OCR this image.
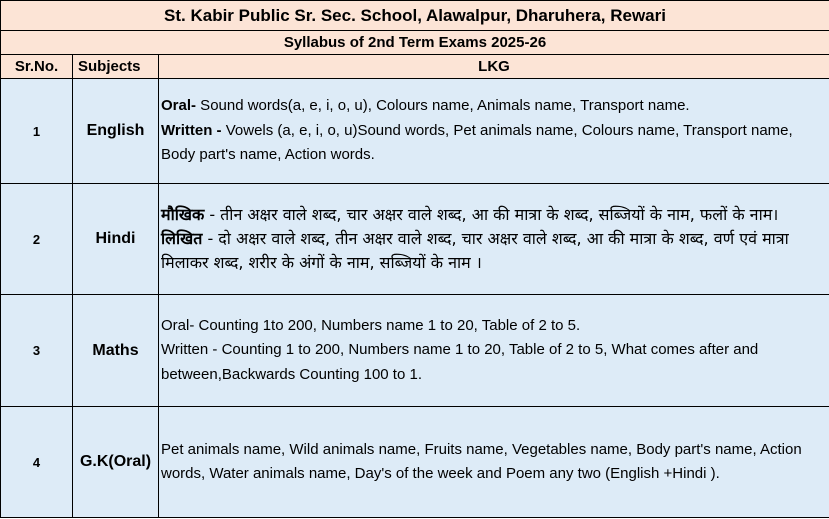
St. Kabir Public Sr. Sec. School, Alawalpur, Dharuhera, Rewari		
Syllabus of 2nd Term Exams 2025-26		
Sr.No.	Subjects	LKG
1	English	Oral- Sound words(a, e, i, o, u), Colours name, Animals name, Transport name.
Written - Vowels (a, e, i, o, u)Sound words, Pet animals name, Colours name, Transport name, Body part's name, Action words.

2	Hindi	मौखिक - तीन अक्षर वाले शब्द, चार अक्षर वाले शब्द, आ की मात्रा के शब्द, सब्जियों के नाम, फलों के नाम।
लिखित - दो अक्षर वाले शब्द, तीन अक्षर वाले शब्द, चार अक्षर वाले शब्द, आ की मात्रा के शब्द, वर्ण एवं मात्रा मिलाकर शब्द, शरीर के अंगों के नाम, सब्जियों के नाम ।

3	Maths	Oral- Counting 1to 200, Numbers name 1 to 20, Table of 2 to 5.
Written - Counting 1 to 200, Numbers name 1 to 20, Table of 2 to 5, What comes after and between,Backwards Counting 100 to 1.

4	G.K(Oral)	Pet animals name, Wild animals name, Fruits name, Vegetables name, Body part's name, Action words, Water animals name, Day's of the week and Poem any two (English +Hindi ).
